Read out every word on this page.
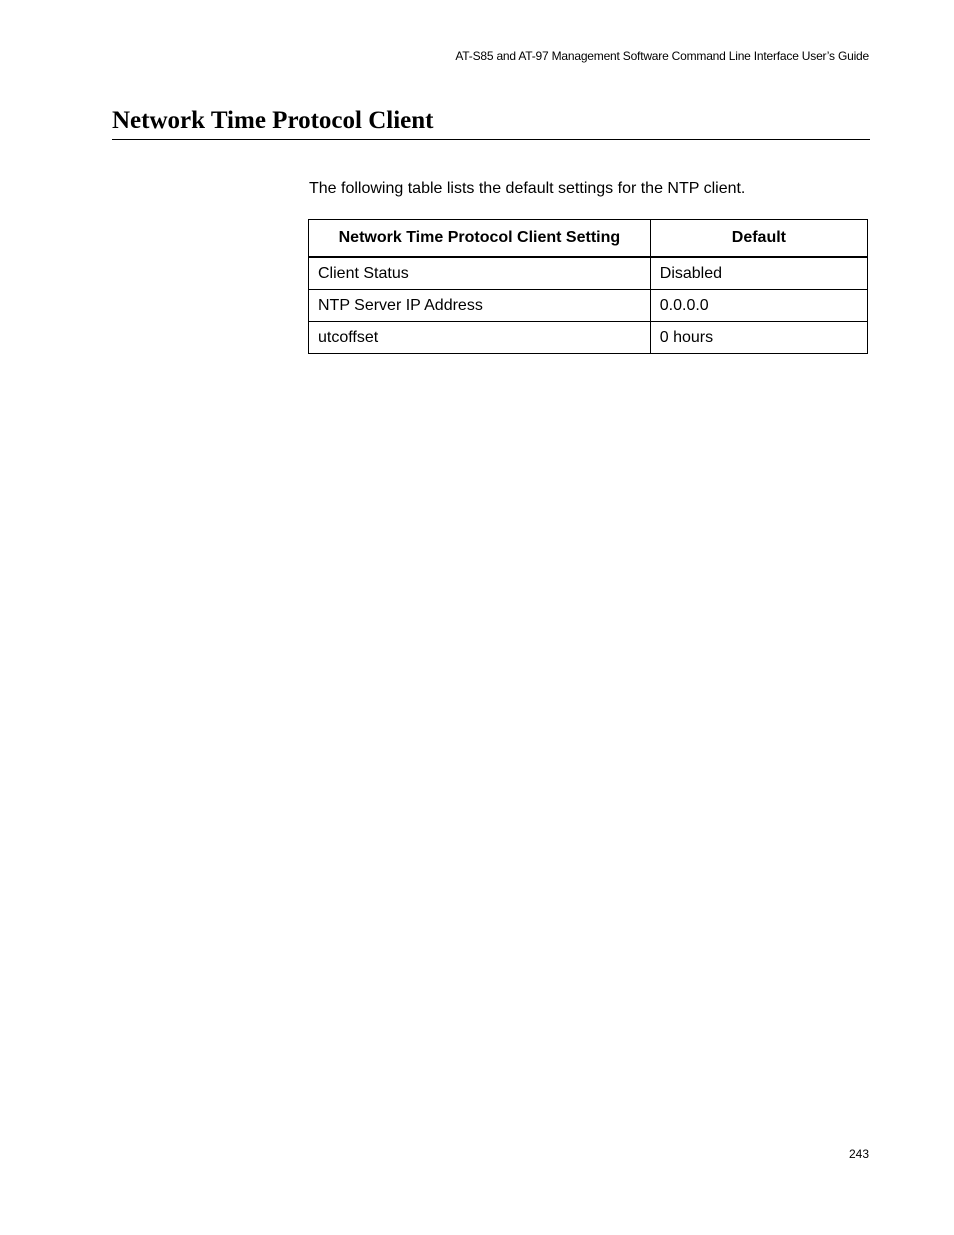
AT-S85 and AT-97 Management Software Command Line Interface User’s Guide
Network Time Protocol Client

The following table lists the default settings for the NTP client.

Network Time Protocol Client Setting	Default
Client Status	Disabled
NTP Server IP Address	0.0.0.0
utcoffset	0 hours
243
